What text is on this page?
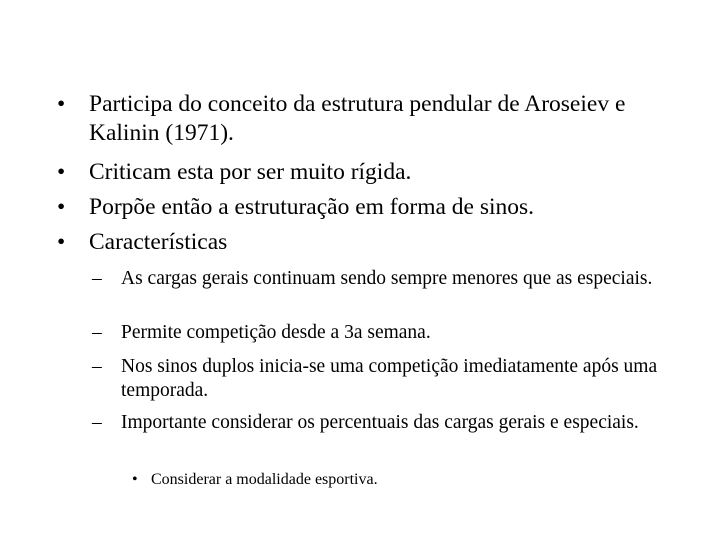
•	Participa do conceito da estrutura pendular de Aroseiev e Kalinin (1971).
•	Criticam esta por ser muito rígida.
•	Porpõe então a estruturação em forma de sinos.
•	Características
– As cargas gerais continuam sendo sempre menores que as especiais.
– Permite competição desde a 3a semana.
– Nos sinos duplos inicia-se uma competição imediatamente após uma temporada.
– Importante considerar os percentuais das cargas gerais e especiais.
• Considerar a modalidade esportiva.
